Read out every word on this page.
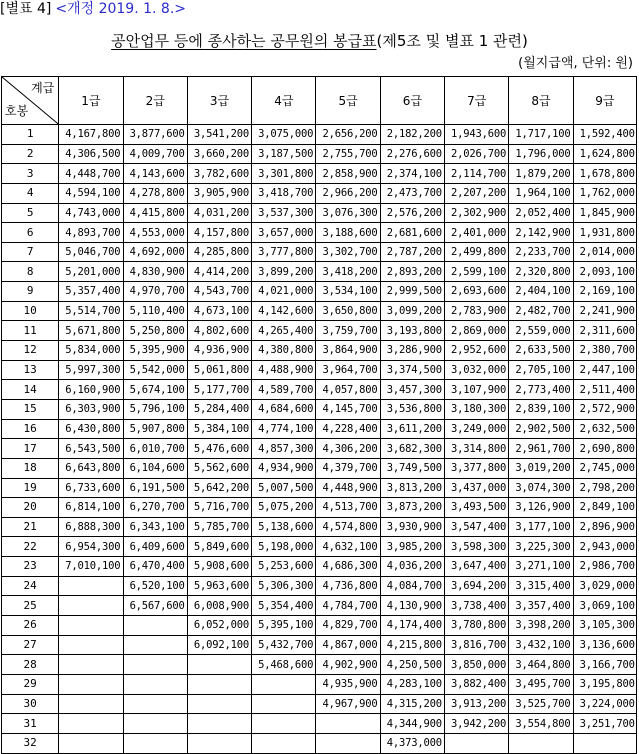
[별표 4] <개정 2019. 1. 8.>
공안업무 등에 종사하는 공무원의 봉급표(제5조 및 별표 1 관련)
(월지급액, 단위: 원)
계급
호봉	1급	2급	3급	4급	5급	6급	7급	8급	9급
1	4,167,800	3,877,600	3,541,200	3,075,000	2,656,200	2,182,200	1,943,600	1,717,100	1,592,400
2	4,306,500	4,009,700	3,660,200	3,187,500	2,755,700	2,276,600	2,026,700	1,796,000	1,624,800
3	4,448,700	4,143,600	3,782,600	3,301,800	2,858,900	2,374,100	2,114,700	1,879,200	1,678,800
4	4,594,100	4,278,800	3,905,900	3,418,700	2,966,200	2,473,700	2,207,200	1,964,100	1,762,000
5	4,743,000	4,415,800	4,031,200	3,537,300	3,076,300	2,576,200	2,302,900	2,052,400	1,845,900
6	4,893,700	4,553,000	4,157,800	3,657,000	3,188,600	2,681,600	2,401,000	2,142,900	1,931,800
7	5,046,700	4,692,000	4,285,800	3,777,800	3,302,700	2,787,200	2,499,800	2,233,700	2,014,000
8	5,201,000	4,830,900	4,414,200	3,899,200	3,418,200	2,893,200	2,599,100	2,320,800	2,093,100
9	5,357,400	4,970,700	4,543,700	4,021,000	3,534,100	2,999,500	2,693,600	2,404,100	2,169,100
10	5,514,700	5,110,400	4,673,100	4,142,600	3,650,800	3,099,200	2,783,900	2,482,700	2,241,900
11	5,671,800	5,250,800	4,802,600	4,265,400	3,759,700	3,193,800	2,869,000	2,559,000	2,311,600
12	5,834,000	5,395,900	4,936,900	4,380,800	3,864,900	3,286,900	2,952,600	2,633,500	2,380,700
13	5,997,300	5,542,000	5,061,800	4,488,900	3,964,700	3,374,500	3,032,000	2,705,100	2,447,100
14	6,160,900	5,674,100	5,177,700	4,589,700	4,057,800	3,457,300	3,107,900	2,773,400	2,511,400
15	6,303,900	5,796,100	5,284,400	4,684,600	4,145,700	3,536,800	3,180,300	2,839,100	2,572,900
16	6,430,800	5,907,800	5,384,100	4,774,100	4,228,400	3,611,200	3,249,000	2,902,500	2,632,500
17	6,543,500	6,010,700	5,476,600	4,857,300	4,306,200	3,682,300	3,314,800	2,961,700	2,690,800
18	6,643,800	6,104,600	5,562,600	4,934,900	4,379,700	3,749,500	3,377,800	3,019,200	2,745,000
19	6,733,600	6,191,500	5,642,200	5,007,500	4,448,900	3,813,200	3,437,000	3,074,300	2,798,200
20	6,814,100	6,270,700	5,716,700	5,075,200	4,513,700	3,873,200	3,493,500	3,126,900	2,849,100
21	6,888,300	6,343,100	5,785,700	5,138,600	4,574,800	3,930,900	3,547,400	3,177,100	2,896,900
22	6,954,300	6,409,600	5,849,600	5,198,000	4,632,100	3,985,200	3,598,300	3,225,300	2,943,000
23	7,010,100	6,470,400	5,908,600	5,253,600	4,686,300	4,036,200	3,647,400	3,271,100	2,986,700
24		6,520,100	5,963,600	5,306,300	4,736,800	4,084,700	3,694,200	3,315,400	3,029,000
25		6,567,600	6,008,900	5,354,400	4,784,700	4,130,900	3,738,400	3,357,400	3,069,100
26			6,052,000	5,395,100	4,829,700	4,174,400	3,780,800	3,398,200	3,105,300
27			6,092,100	5,432,700	4,867,000	4,215,800	3,816,700	3,432,100	3,136,600
28				5,468,600	4,902,900	4,250,500	3,850,000	3,464,800	3,166,700
29					4,935,900	4,283,100	3,882,400	3,495,700	3,195,800
30					4,967,900	4,315,200	3,913,200	3,525,700	3,224,000
31						4,344,900	3,942,200	3,554,800	3,251,700
32						4,373,000			
